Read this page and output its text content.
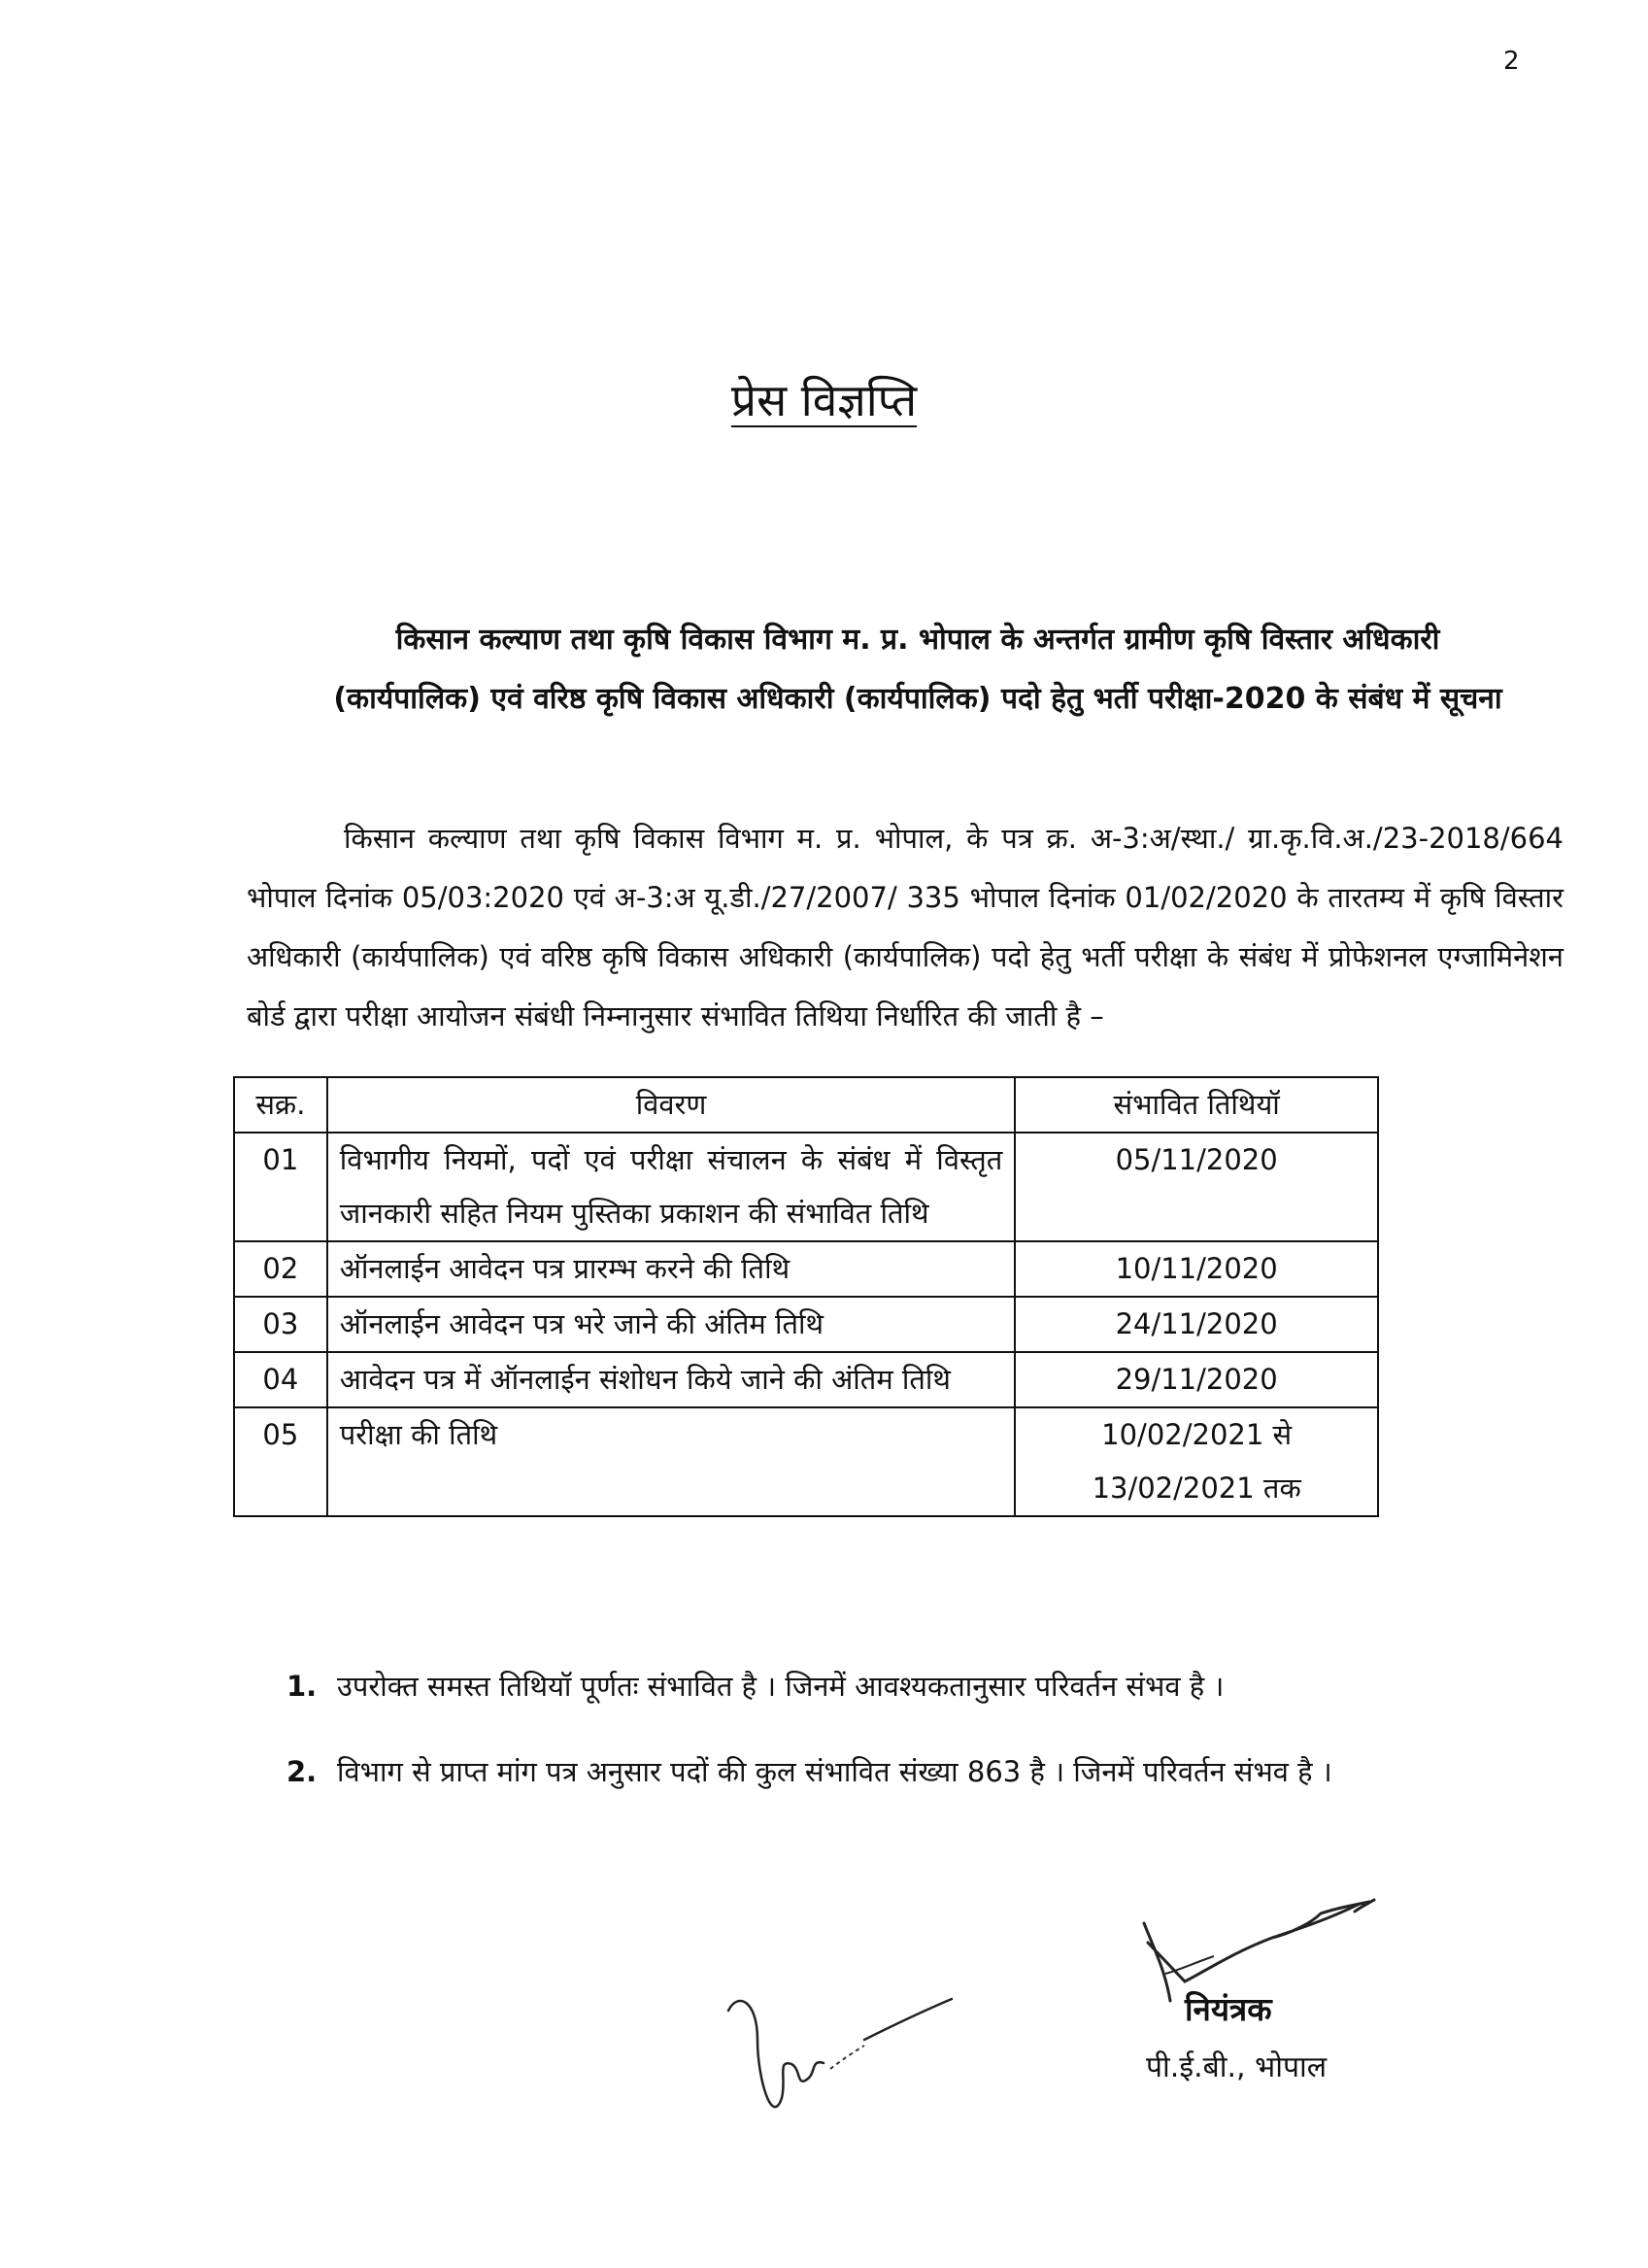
2
प्रेस विज्ञप्ति
किसान कल्याण तथा कृषि विकास विभाग म. प्र. भोपाल के अन्तर्गत ग्रामीण कृषि विस्तार अधिकारी (कार्यपालिक) एवं वरिष्ठ कृषि विकास अधिकारी (कार्यपालिक) पदो हेतु भर्ती परीक्षा-2020 के संबंध में सूचना
किसान कल्याण तथा कृषि विकास विभाग म. प्र. भोपाल, के पत्र क्र. अ-3:अ/स्था./ ग्रा.कृ.वि.अ./23-2018/664 भोपाल दिनांक 05/03:2020 एवं अ-3:अ यू.डी./27/2007/ 335 भोपाल दिनांक 01/02/2020 के तारतम्य में कृषि विस्तार अधिकारी (कार्यपालिक) एवं वरिष्ठ कृषि विकास अधिकारी (कार्यपालिक) पदो हेतु भर्ती परीक्षा के संबंध में प्रोफेशनल एग्जामिनेशन बोर्ड द्वारा परीक्षा आयोजन संबंधी निम्नानुसार संभावित तिथिया निर्धारित की जाती है –
सक्र.	विवरण	संभावित तिथियॉ
01	विभागीय नियमों, पदों एवं परीक्षा संचालन के संबंध में विस्तृत जानकारी सहित नियम पुस्तिका प्रकाशन की संभावित तिथि	05/11/2020
02	ऑनलाईन आवेदन पत्र प्रारम्भ करने की तिथि	10/11/2020
03	ऑनलाईन आवेदन पत्र भरे जाने की अंतिम तिथि	24/11/2020
04	आवेदन पत्र में ऑनलाईन संशोधन किये जाने की अंतिम तिथि	29/11/2020
05	परीक्षा की तिथि	10/02/2021 से
13/02/2021 तक
1. उपरोक्त समस्त तिथियॉ पूर्णतः संभावित है । जिनमें आवश्यकतानुसार परिवर्तन संभव है ।
2. विभाग से प्राप्त मांग पत्र अनुसार पदों की कुल संभावित संख्या 863 है । जिनमें परिवर्तन संभव है ।
नियंत्रक
पी.ई.बी., भोपाल
